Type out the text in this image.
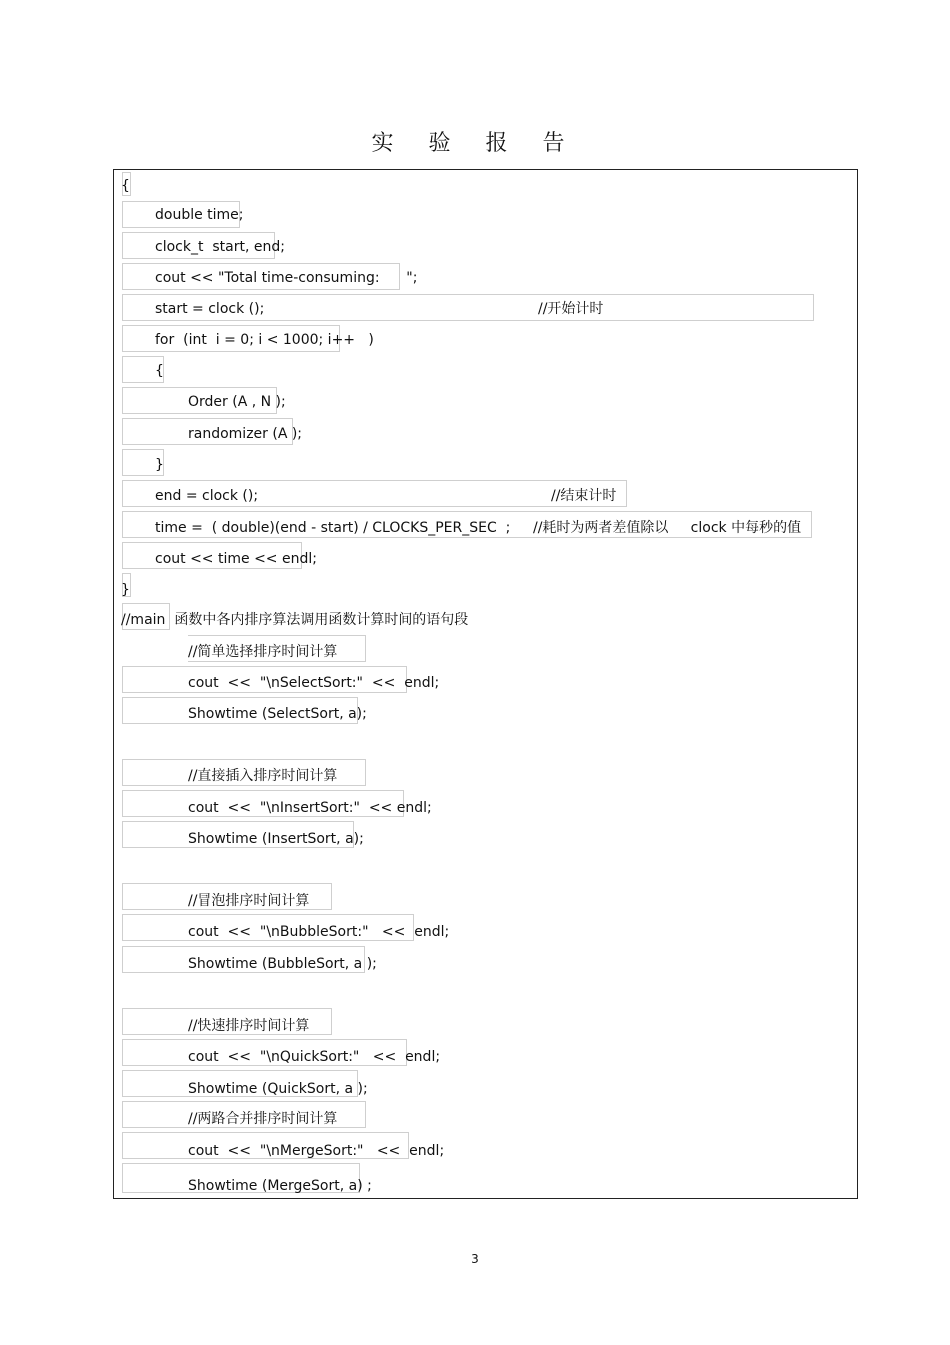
实 验 报 告
{
double time;
clock_t  start, end;
cout << "Total time-consuming:      ";
start = clock ();	//开始计时
for  (int  i = 0; i < 1000; i++   )
{
Order (A , N );
randomizer (A );
}
end = clock ();	//结束计时
time =  ( double)(end - start) / CLOCKS_PER_SEC  ; //耗时为两者差值除以     clock 中每秒的值
cout << time << endl;
}
//main  函数中各内排序算法调用函数计算时间的语句段
//简单选择排序时间计算
cout  <<  "\nSelectSort:"  <<  endl;
Showtime (SelectSort, a);
//直接插入排序时间计算
cout  <<  "\nInsertSort:"  << endl;
Showtime (InsertSort, a);
//冒泡排序时间计算
cout  <<  "\nBubbleSort:"   <<  endl;
Showtime (BubbleSort, a );
//快速排序时间计算
cout  <<  "\nQuickSort:"   <<  endl;
Showtime (QuickSort, a );
//两路合并排序时间计算
cout  <<  "\nMergeSort:"   <<  endl;
Showtime (MergeSort, a) ;
3
